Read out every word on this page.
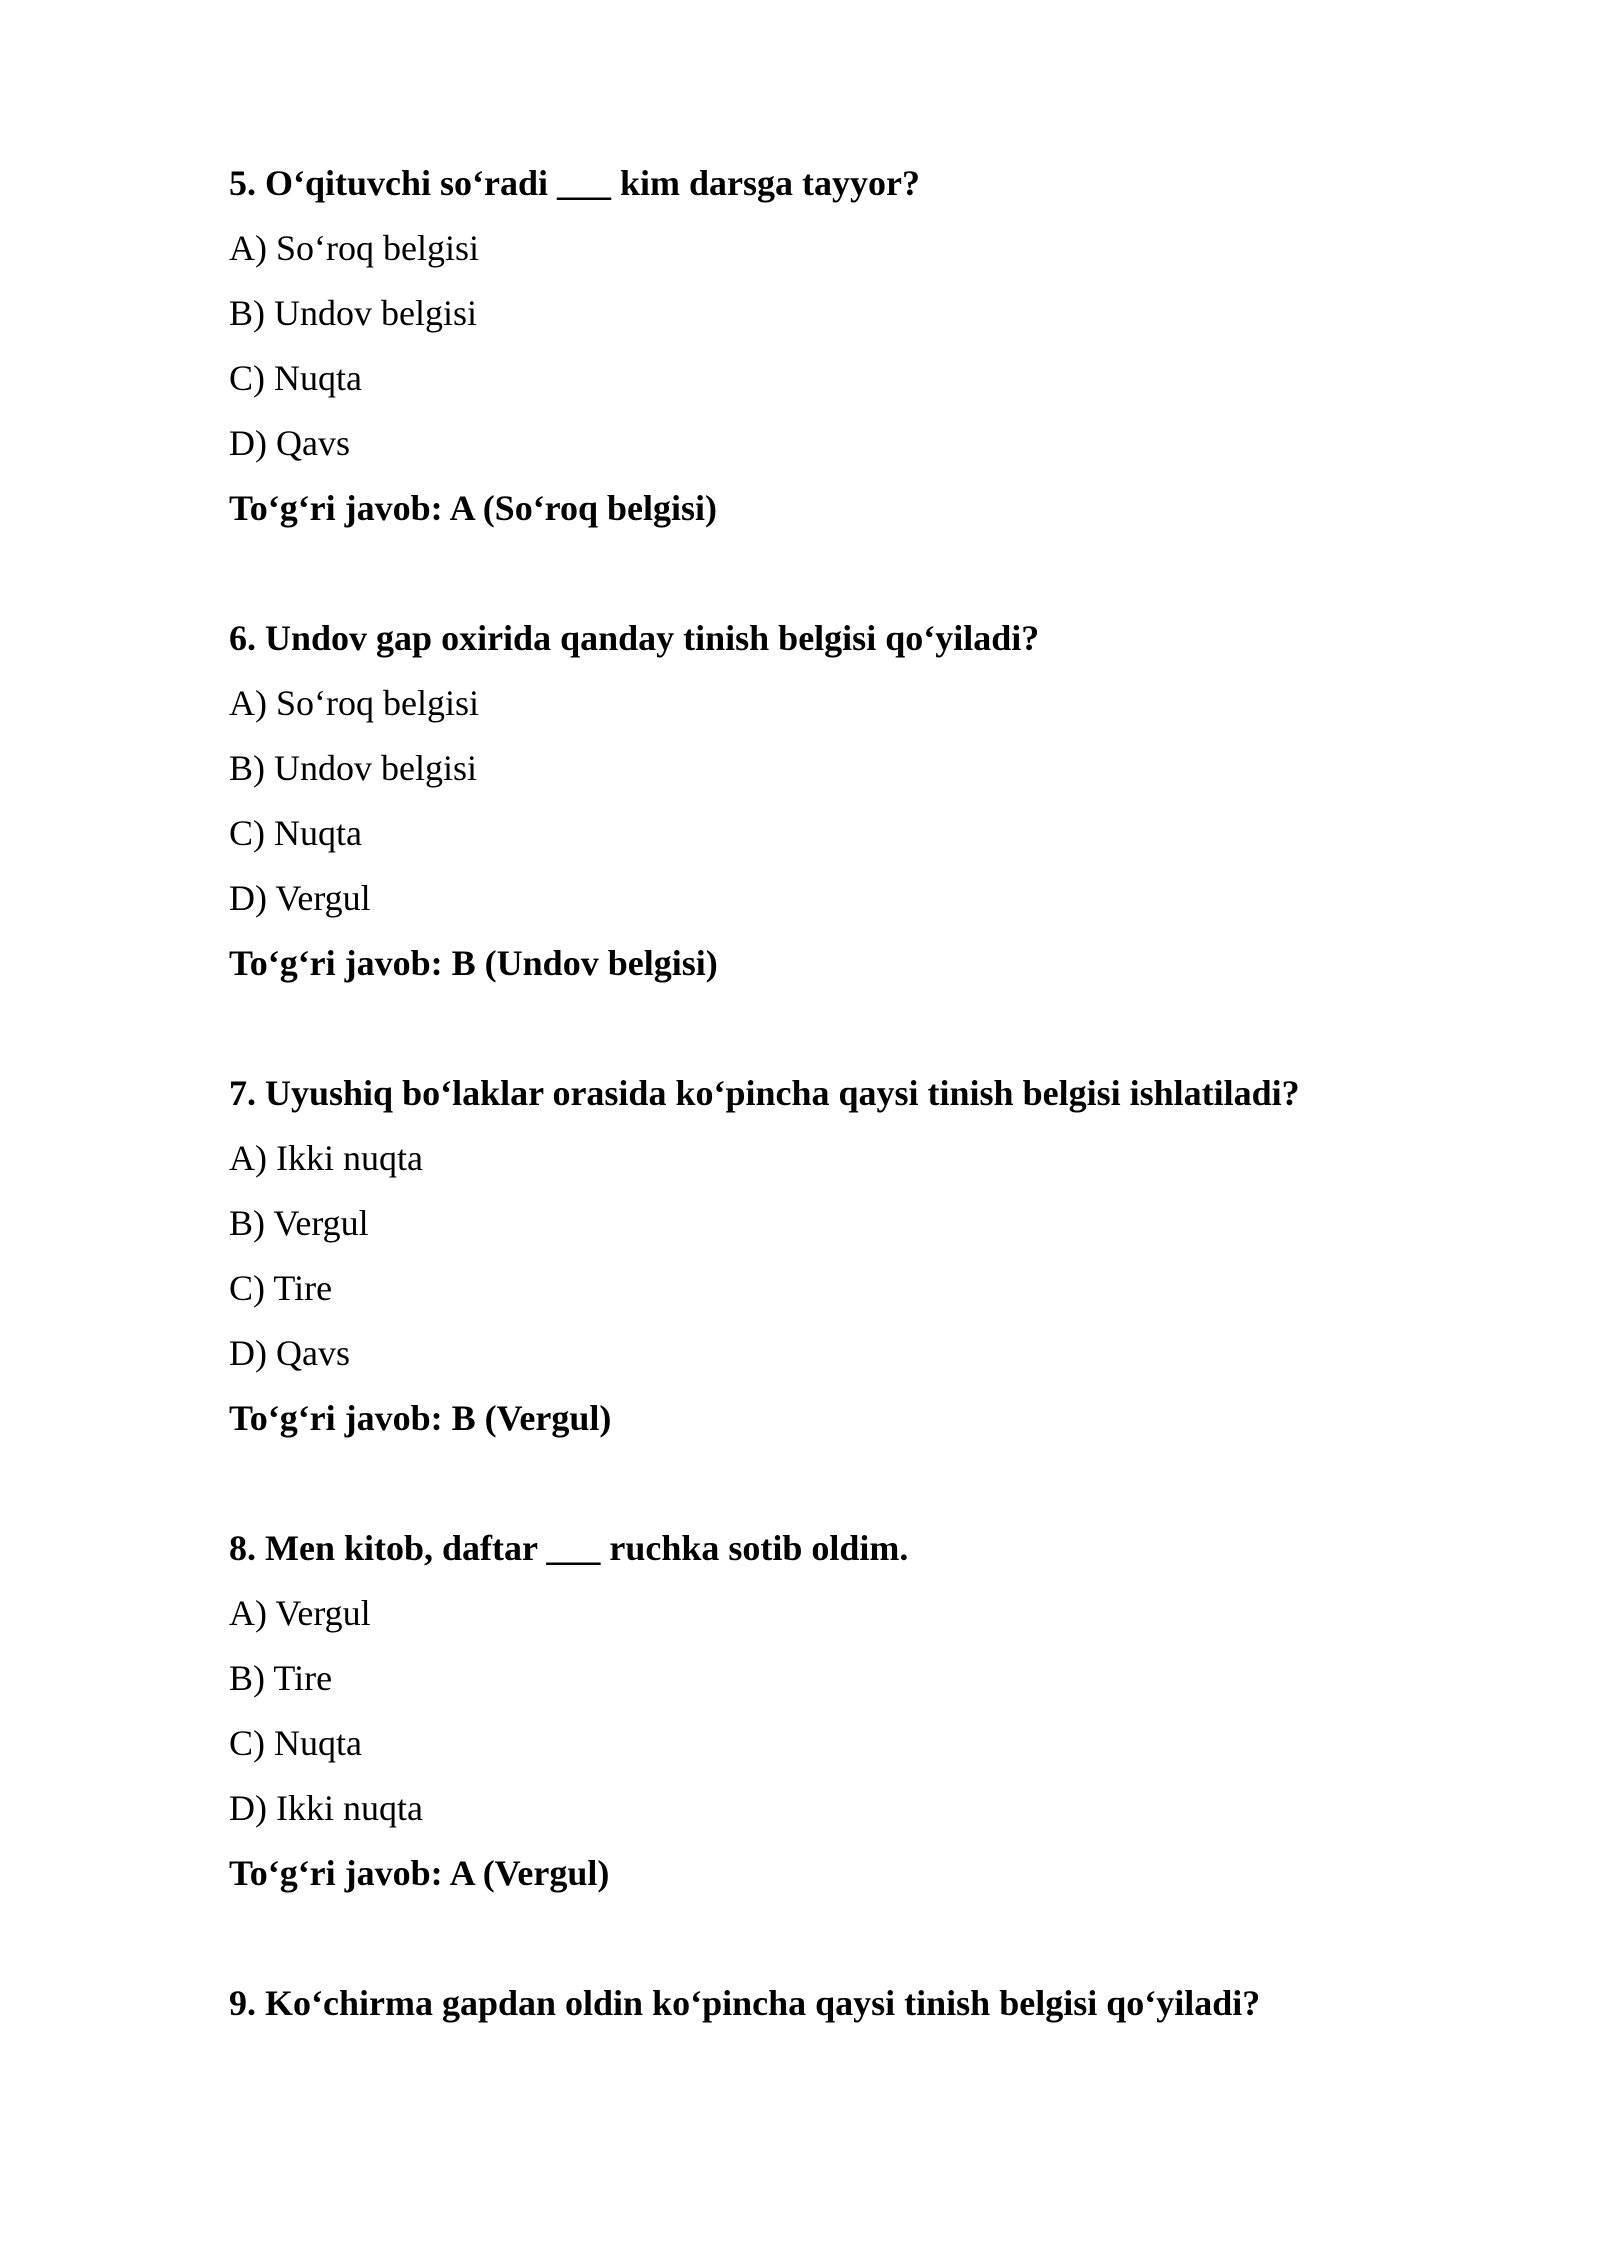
5. O‘qituvchi so‘radi ___ kim darsga tayyor?
A) So‘roq belgisi
B) Undov belgisi
C) Nuqta
D) Qavs
To‘g‘ri javob: A (So‘roq belgisi)
6. Undov gap oxirida qanday tinish belgisi qo‘yiladi?
A) So‘roq belgisi
B) Undov belgisi
C) Nuqta
D) Vergul
To‘g‘ri javob: B (Undov belgisi)
7. Uyushiq bo‘laklar orasida ko‘pincha qaysi tinish belgisi ishlatiladi?
A) Ikki nuqta
B) Vergul
C) Tire
D) Qavs
To‘g‘ri javob: B (Vergul)
8. Men kitob, daftar ___ ruchka sotib oldim.
A) Vergul
B) Tire
C) Nuqta
D) Ikki nuqta
To‘g‘ri javob: A (Vergul)
9. Ko‘chirma gapdan oldin ko‘pincha qaysi tinish belgisi qo‘yiladi?
